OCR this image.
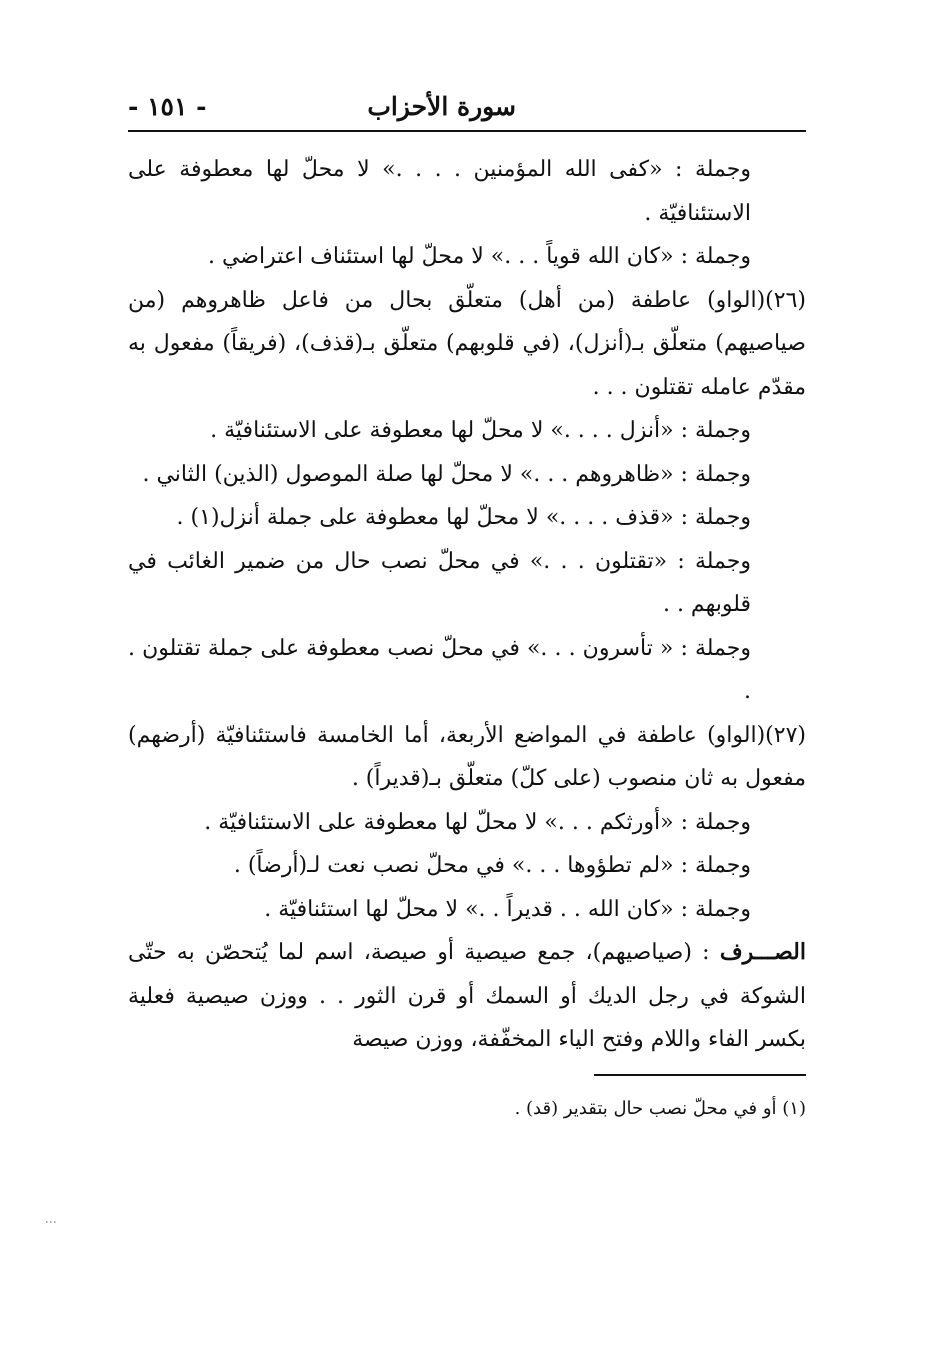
سورة الأحزاب
- ١٥١ -

وجملة : «كفى الله المؤمنين . . . .» لا محلّ لها معطوفة على الاستئنافيّة .

وجملة : «كان الله قوياً . . .» لا محلّ لها استئناف اعتراضي .

(٢٦)(الواو) عاطفة (من أهل) متعلّق بحال من فاعل ظاهروهم (من صياصيهم) متعلّق بـ(أنزل)، (في قلوبهم) متعلّق بـ(قذف)، (فريقاً) مفعول به مقدّم عامله تقتلون . . .

وجملة : «أنزل . . . .» لا محلّ لها معطوفة على الاستئنافيّة .

وجملة : «ظاهروهم . . .» لا محلّ لها صلة الموصول (الذين) الثاني .

وجملة : «قذف . . . .» لا محلّ لها معطوفة على جملة أنزل(١) .

وجملة : «تقتلون . . .» في محلّ نصب حال من ضمير الغائب في قلوبهم . .

وجملة : « تأسرون . . .» في محلّ نصب معطوفة على جملة تقتلون . .

(٢٧)(الواو) عاطفة في المواضع الأربعة، أما الخامسة فاستئنافيّة (أرضهم) مفعول به ثان منصوب (على كلّ) متعلّق بـ(قديراً) .

وجملة : «أورثكم . . .» لا محلّ لها معطوفة على الاستئنافيّة .

وجملة : «لم تطؤوها . . .» في محلّ نصب نعت لـ(أرضاً) .

وجملة : «كان الله . . قديراً . .» لا محلّ لها استئنافيّة .

الصـــرف : (صياصيهم)، جمع صيصية أو صيصة، اسم لما يُتحصّن به حتّى الشوكة في رجل الديك أو السمك أو قرن الثور . . ووزن صيصية فعلية بكسر الفاء واللام وفتح الياء المخفّفة، ووزن صيصة

(١) أو في محلّ نصب حال بتقدير (قد) .
⋮
